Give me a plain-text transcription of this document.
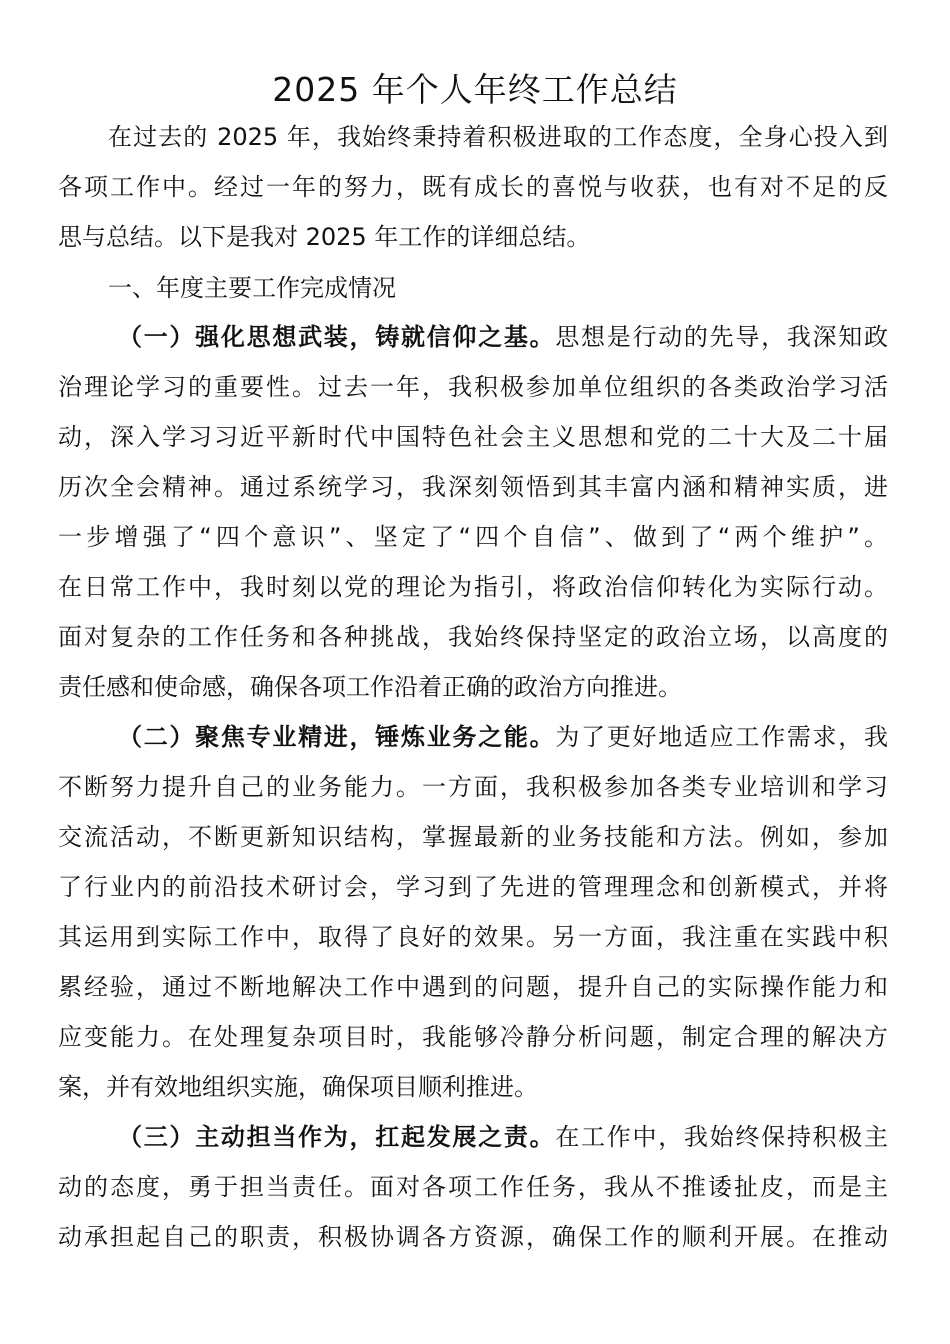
2025 年个人年终工作总结
在过去的 2025 年，我始终秉持着积极进取的工作态度，全身心投入到
各项工作中。经过一年的努力，既有成长的喜悦与收获，也有对不足的反
思与总结。以下是我对 2025 年工作的详细总结。
一、年度主要工作完成情况
（一）强化思想武装，铸就信仰之基。思想是行动的先导，我深知政
治理论学习的重要性。过去一年，我积极参加单位组织的各类政治学习活
动，深入学习习近平新时代中国特色社会主义思想和党的二十大及二十届
历次全会精神。通过系统学习，我深刻领悟到其丰富内涵和精神实质，进
一步增强了“四个意识”、坚定了“四个自信”、做到了“两个维护”。
在日常工作中，我时刻以党的理论为指引，将政治信仰转化为实际行动。
面对复杂的工作任务和各种挑战，我始终保持坚定的政治立场，以高度的
责任感和使命感，确保各项工作沿着正确的政治方向推进。
（二）聚焦专业精进，锤炼业务之能。为了更好地适应工作需求，我
不断努力提升自己的业务能力。一方面，我积极参加各类专业培训和学习
交流活动，不断更新知识结构，掌握最新的业务技能和方法。例如，参加
了行业内的前沿技术研讨会，学习到了先进的管理理念和创新模式，并将
其运用到实际工作中，取得了良好的效果。另一方面，我注重在实践中积
累经验，通过不断地解决工作中遇到的问题，提升自己的实际操作能力和
应变能力。在处理复杂项目时，我能够冷静分析问题，制定合理的解决方
案，并有效地组织实施，确保项目顺利推进。
（三）主动担当作为，扛起发展之责。在工作中，我始终保持积极主
动的态度，勇于担当责任。面对各项工作任务，我从不推诿扯皮，而是主
动承担起自己的职责，积极协调各方资源，确保工作的顺利开展。在推动
